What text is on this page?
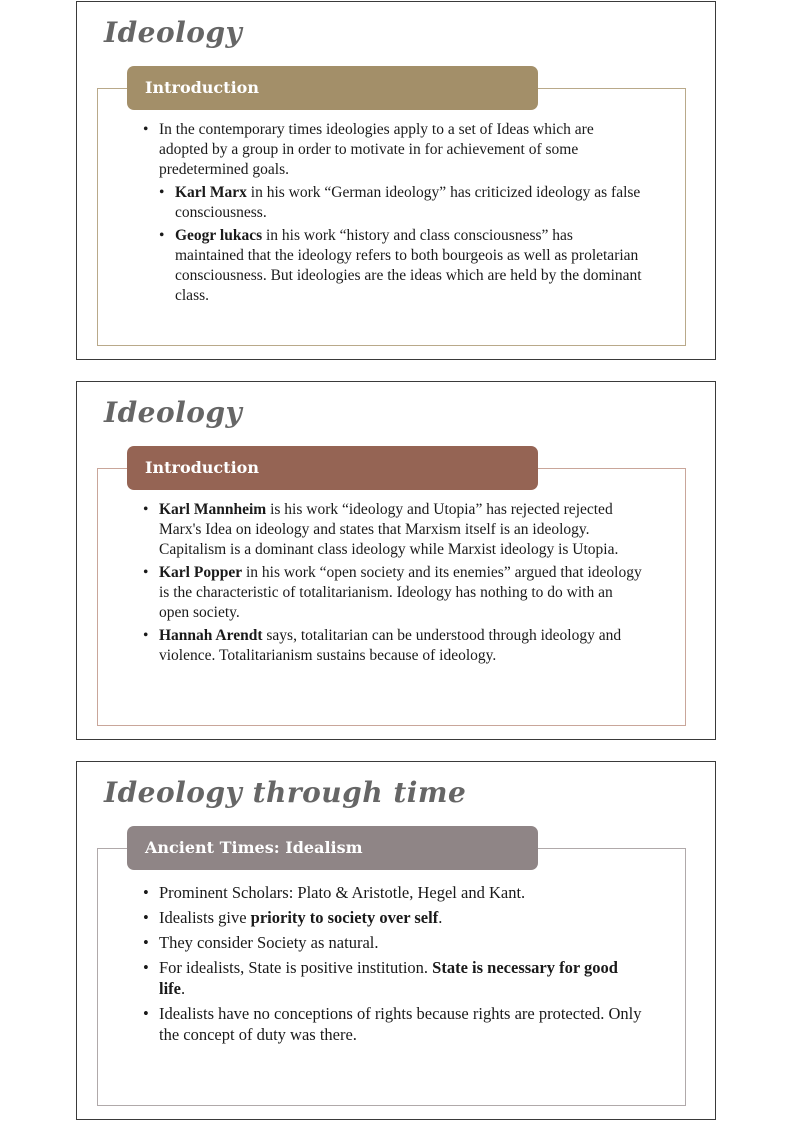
Ideology
Introduction
• In the contemporary times ideologies apply to a set of Ideas which are adopted by a group in order to motivate in for achievement of some predetermined goals.
• Karl Marx in his work “German ideology” has criticized ideology as false consciousness.
• Geogr lukacs in his work “history and class consciousness” has maintained that the ideology refers to both bourgeois as well as proletarian consciousness. But ideologies are the ideas which are held by the dominant class.
Ideology
Introduction
• Karl Mannheim is his work “ideology and Utopia” has rejected rejected Marx's Idea on ideology and states that Marxism itself is an ideology. Capitalism is a dominant class ideology while Marxist ideology is Utopia.
• Karl Popper in his work “open society and its enemies” argued that ideology is the characteristic of totalitarianism. Ideology has nothing to do with an open society.
• Hannah Arendt says, totalitarian can be understood through ideology and violence. Totalitarianism sustains because of ideology.
Ideology through time
Ancient Times: Idealism
• Prominent Scholars: Plato & Aristotle, Hegel and Kant.
• Idealists give priority to society over self.
• They consider Society as natural.
• For idealists, State is positive institution. State is necessary for good life.
• Idealists have no conceptions of rights because rights are protected. Only the concept of duty was there.
